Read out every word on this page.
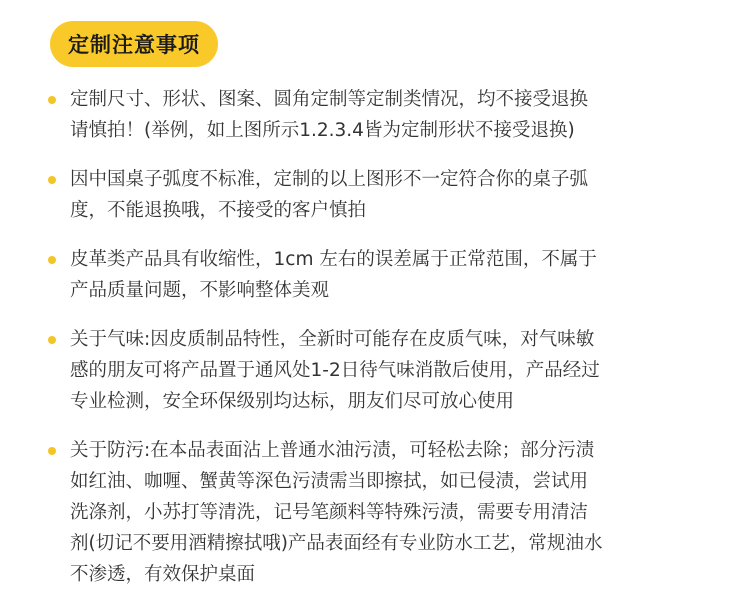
定制注意事项
定制尺寸、形状、图案、圆角定制等定制类情况，均不接受退换
请慎拍！(举例，如上图所示1.2.3.4皆为定制形状不接受退换)
因中国桌子弧度不标准，定制的以上图形不一定符合你的桌子弧
度，不能退换哦，不接受的客户慎拍
皮革类产品具有收缩性，1cm 左右的误差属于正常范围，不属于
产品质量问题，不影响整体美观
关于气味:因皮质制品特性，全新时可能存在皮质气味，对气味敏
感的朋友可将产品置于通风处1-2日待气味消散后使用，产品经过
专业检测，安全环保级别均达标，朋友们尽可放心使用
关于防污:在本品表面沾上普通水油污渍，可轻松去除；部分污渍
如红油、咖喱、蟹黄等深色污渍需当即擦拭，如已侵渍，尝试用
洗涤剂，小苏打等清洗，记号笔颜料等特殊污渍，需要专用清洁
剂(切记不要用酒精擦拭哦)产品表面经有专业防水工艺，常规油水
不渗透，有效保护桌面
